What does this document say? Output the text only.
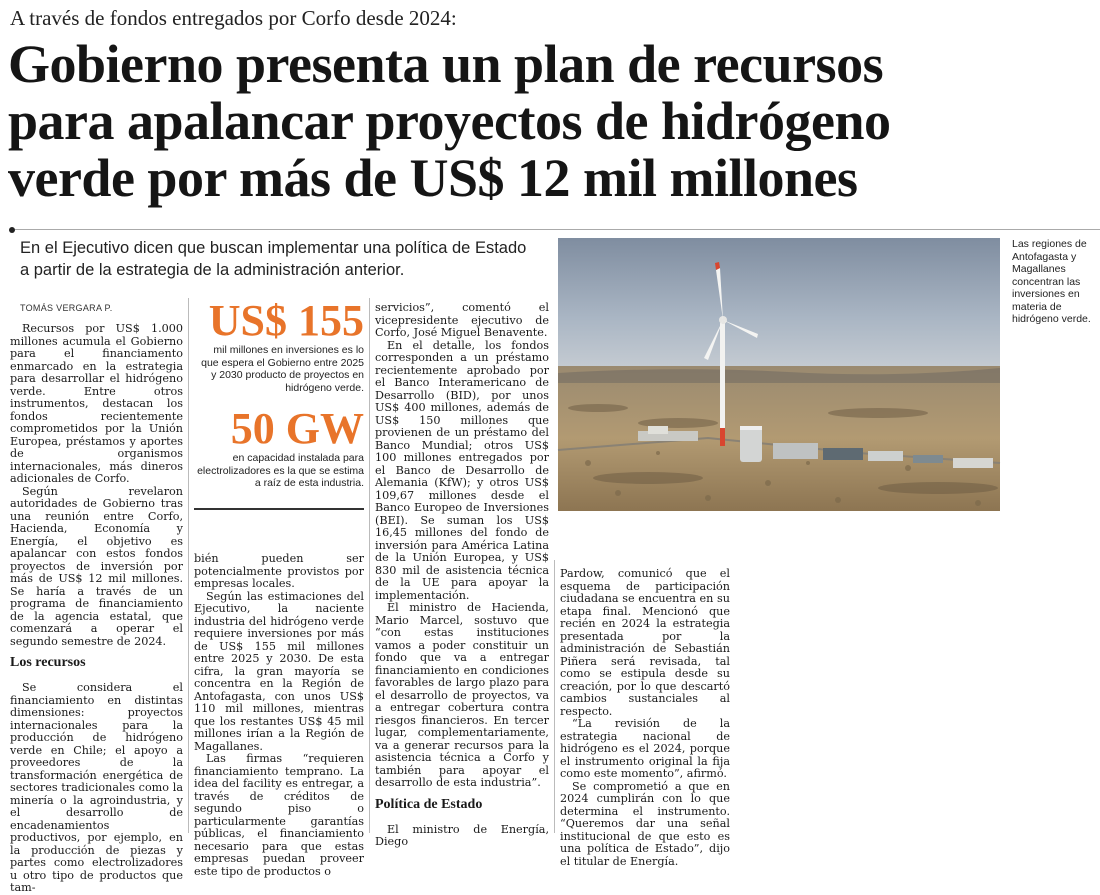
A través de fondos entregados por Corfo desde 2024:
Gobierno presenta un plan de recursos
para apalancar proyectos de hidrógeno
verde por más de US$ 12 mil millones
En el Ejecutivo dicen que buscan implementar una política de Estado a partir de la estrategia de la administración anterior.
Las regiones de Antofagasta y Magallanes concentran las inversiones en materia de hidrógeno verde.
TOMÁS VERGARA P.

Recursos por US$ 1.000 millones acumula el Gobierno para el financiamento enmarcado en la estrategia para desarrollar el hidrógeno verde. Entre otros instrumentos, destacan los fondos recientemente comprometidos por la Unión Europea, préstamos y aportes de organismos internacionales, más dineros adicionales de Corfo.

Según revelaron autoridades de Gobierno tras una reunión entre Corfo, Hacienda, Economía y Energía, el objetivo es apalancar con estos fondos proyectos de inversión por más de US$ 12 mil millones. Se haría a través de un programa de financiamiento de la agencia estatal, que comenzará a operar el segundo semestre de 2024.

Los recursos

Se considera el financiamiento en distintas dimensiones: proyectos internacionales para la producción de hidrógeno verde en Chile; el apoyo a proveedores de la transformación energética de sectores tradicionales como la minería o la agroindustria, y el desarrollo de encadenamientos productivos, por ejemplo, en la producción de piezas y partes como electrolizadores u otro tipo de productos que tam-

US$ 155
mil millones en inversiones es lo que espera el Gobierno entre 2025 y 2030 producto de proyectos en hidrógeno verde.
50 GW
en capacidad instalada para electrolizadores es la que se estima a raíz de esta industria.

bién pueden ser potencialmente provistos por empresas locales.

Según las estimaciones del Ejecutivo, la naciente industria del hidrógeno verde requiere inversiones por más de US$ 155 mil millones entre 2025 y 2030. De esta cifra, la gran mayoría se concentra en la Región de Antofagasta, con unos US$ 110 mil millones, mientras que los restantes US$ 45 mil millones irían a la Región de Magallanes.

Las firmas “requieren financiamiento temprano. La idea del facility es entregar, a través de créditos de segundo piso o particularmente garantías públicas, el financiamiento necesario para que estas empresas puedan proveer este tipo de productos o

servicios”, comentó el vicepresidente ejecutivo de Corfo, José Miguel Benavente.

En el detalle, los fondos corresponden a un préstamo recientemente aprobado por el Banco Interamericano de Desarrollo (BID), por unos US$ 400 millones, además de US$ 150 millones que provienen de un préstamo del Banco Mundial; otros US$ 100 millones entregados por el Banco de Desarrollo de Alemania (KfW); y otros US$ 109,67 millones desde el Banco Europeo de Inversiones (BEI). Se suman los US$ 16,45 millones del fondo de inversión para América Latina de la Unión Europea, y US$ 830 mil de asistencia técnica de la UE para apoyar la implementación.

El ministro de Hacienda, Mario Marcel, sostuvo que “con estas instituciones vamos a poder constituir un fondo que va a entregar financiamiento en condiciones favorables de largo plazo para el desarrollo de proyectos, va a entregar cobertura contra riesgos financieros. En tercer lugar, complementariamente, va a generar recursos para la asistencia técnica a Corfo y también para apoyar el desarrollo de esta industria”.

Política de Estado

El ministro de Energía, Diego

Pardow, comunicó que el esquema de participación ciudadana se encuentra en su etapa final. Mencionó que recién en 2024 la estrategia presentada por la administración de Sebastián Piñera será revisada, tal como se estipula desde su creación, por lo que descartó cambios sustanciales al respecto.

“La revisión de la estrategia nacional de hidrógeno es el 2024, porque el instrumento original la fija como este momento”, afirmó.

Se comprometió a que en 2024 cumplirán con lo que determina el instrumento. “Queremos dar una señal institucional de que esto es una política de Estado”, dijo el titular de Energía.
